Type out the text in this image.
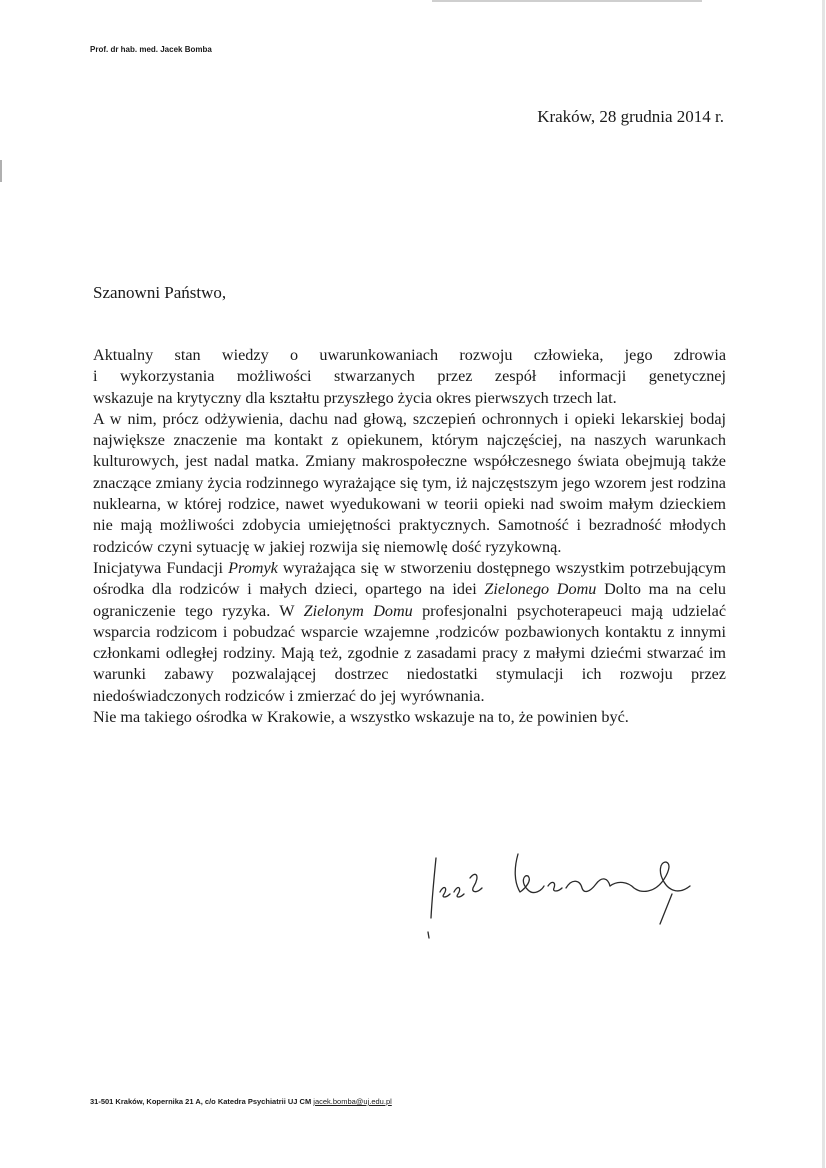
Prof. dr hab. med. Jacek Bomba
Kraków, 28 grudnia 2014 r.
Szanowni Państwo,

Aktualny stan wiedzy o uwarunkowaniach rozwoju człowieka, jego zdrowia

i wykorzystania możliwości stwarzanych przez zespół informacji genetycznej

wskazuje na krytyczny dla kształtu przyszłego życia okres pierwszych trzech lat.

A w nim, prócz odżywienia, dachu nad głową, szczepień ochronnych i opieki lekarskiej bodaj największe znaczenie ma kontakt z opiekunem, którym najczęściej, na naszych warunkach kulturowych, jest nadal matka. Zmiany makrospołeczne współczesnego świata obejmują także znaczące zmiany życia rodzinnego wyrażające się tym, iż najczęstszym jego wzorem jest rodzina nuklearna, w której rodzice, nawet wyedukowani w teorii opieki nad swoim małym dzieckiem nie mają możliwości zdobycia umiejętności praktycznych. Samotność i bezradność młodych rodziców czyni sytuację w jakiej rozwija się niemowlę dość ryzykowną.

Inicjatywa Fundacji Promyk wyrażająca się w stworzeniu dostępnego wszystkim potrzebującym ośrodka dla rodziców i małych dzieci, opartego na idei Zielonego Domu Dolto ma na celu ograniczenie tego ryzyka. W Zielonym Domu profesjonalni psychoterapeuci mają udzielać wsparcia rodzicom i pobudzać wsparcie wzajemne ,rodziców pozbawionych kontaktu z innymi członkami odległej rodziny. Mają też, zgodnie z zasadami pracy z małymi dziećmi stwarzać im warunki zabawy pozwalającej dostrzec niedostatki stymulacji ich rozwoju przez niedoświadczonych rodziców i zmierzać do jej wyrównania.

Nie ma takiego ośrodka w Krakowie, a wszystko wskazuje na to, że powinien być.

31-501 Kraków, Kopernika 21 A, c/o Katedra Psychiatrii UJ CM jacek.bomba@uj.edu.pl
